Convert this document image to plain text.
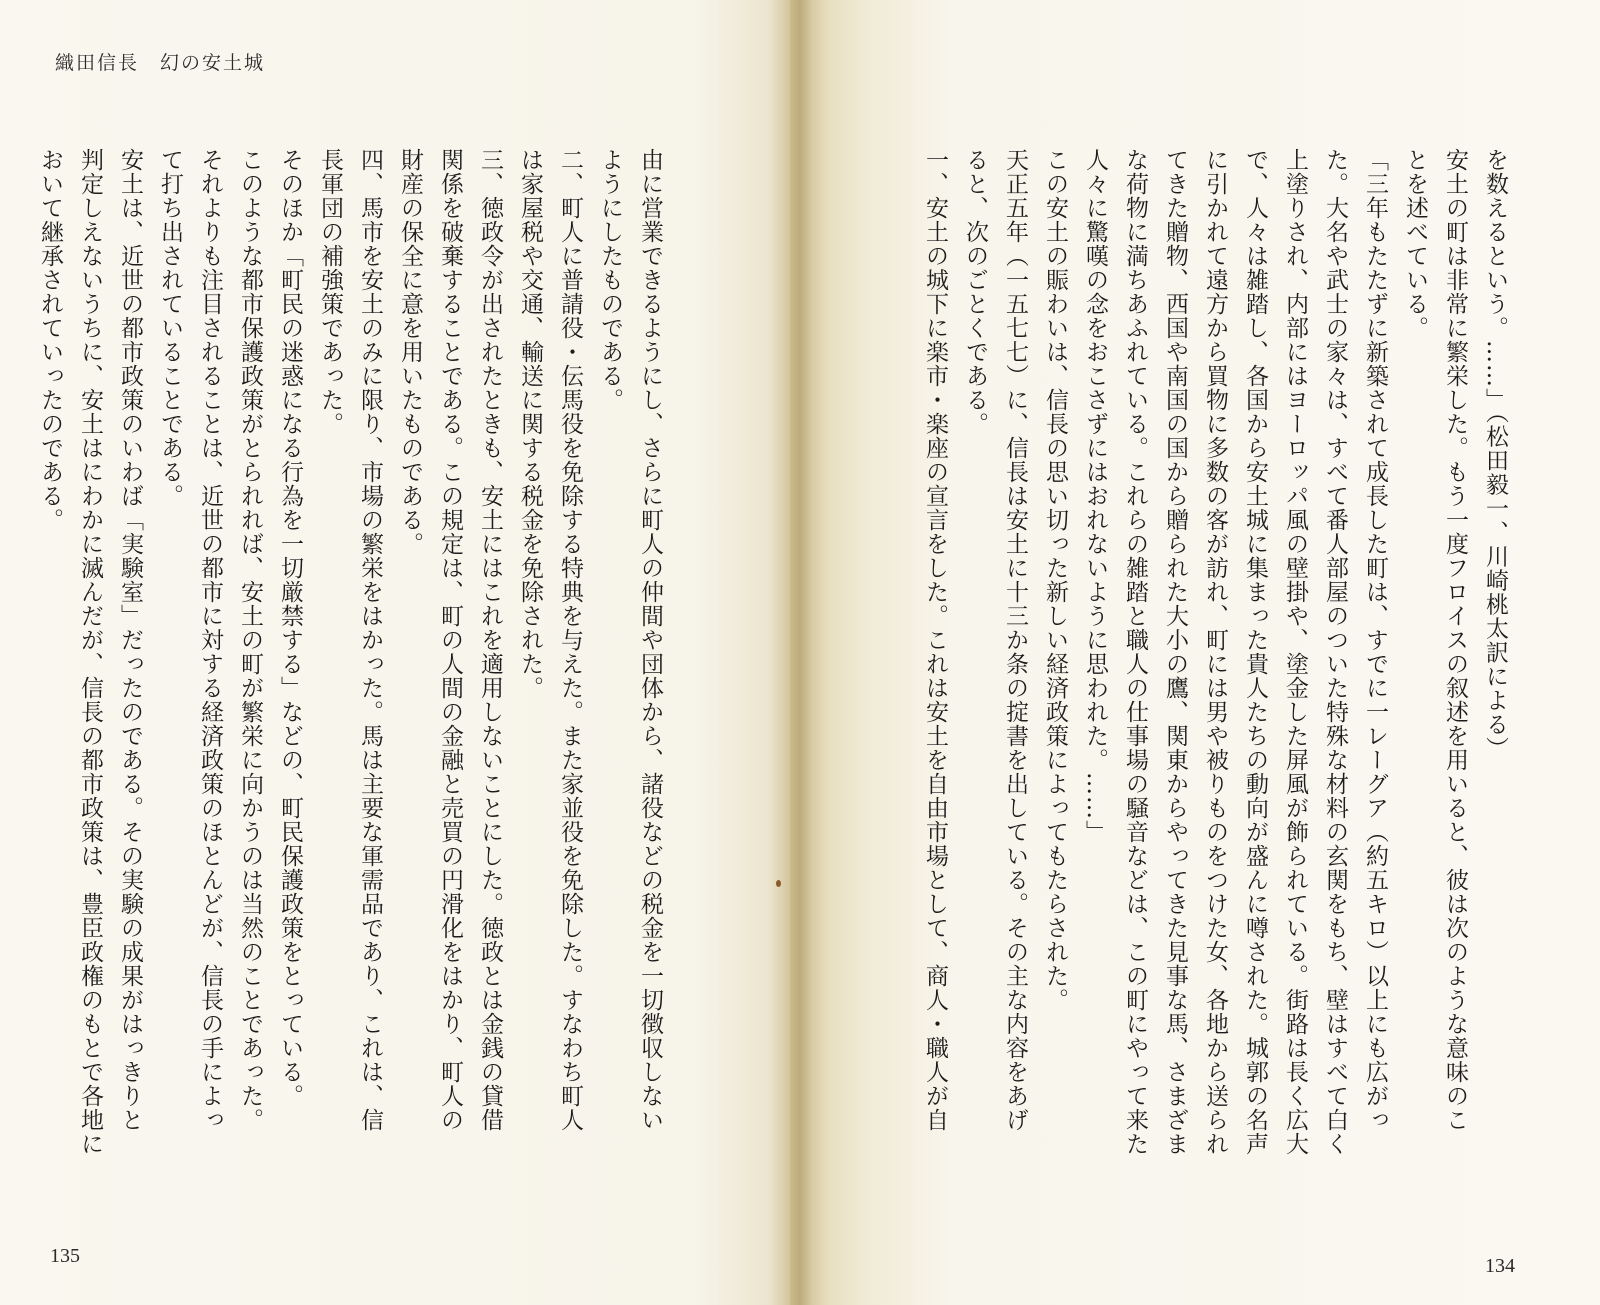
織田信長　幻の安土城
由に営業できるようにし、さらに町人の仲間や団体から、諸役などの税金を一切徴収しない
ようにしたものである。
二、町人に普請役・伝馬役を免除する特典を与えた。また家並役を免除した。すなわち町人
は家屋税や交通、輸送に関する税金を免除された。
三、徳政令が出されたときも、安土にはこれを適用しないことにした。徳政とは金銭の貸借
関係を破棄することである。この規定は、町の人間の金融と売買の円滑化をはかり、町人の
財産の保全に意を用いたものである。
四、馬市を安土のみに限り、市場の繁栄をはかった。馬は主要な軍需品であり、これは、信
長軍団の補強策であった。
そのほか「町民の迷惑になる行為を一切厳禁する」などの、町民保護政策をとっている。
このような都市保護政策がとられれば、安土の町が繁栄に向かうのは当然のことであった。
それよりも注目されることは、近世の都市に対する経済政策のほとんどが、信長の手によっ
て打ち出されていることである。
安土は、近世の都市政策のいわば「実験室」だったのである。その実験の成果がはっきりと
判定しえないうちに、安土はにわかに滅んだが、信長の都市政策は、豊臣政権のもとで各地に
おいて継承されていったのである。
135	134
を数えるという。……」（松田毅一、川崎桃太訳による）
安土の町は非常に繁栄した。もう一度フロイスの叙述を用いると、彼は次のような意味のこ
とを述べている。
「三年もたたずに新築されて成長した町は、すでに一レーグア（約五キロ）以上にも広がっ
た。大名や武士の家々は、すべて番人部屋のついた特殊な材料の玄関をもち、壁はすべて白く
上塗りされ、内部にはヨーロッパ風の壁掛や、塗金した屏風が飾られている。街路は長く広大
で、人々は雑踏し、各国から安土城に集まった貴人たちの動向が盛んに噂された。城郭の名声
に引かれて遠方から買物に多数の客が訪れ、町には男や被りものをつけた女、各地から送られ
てきた贈物、西国や南国の国から贈られた大小の鷹、関東からやってきた見事な馬、さまざま
な荷物に満ちあふれている。これらの雑踏と職人の仕事場の騒音などは、この町にやって来た
人々に驚嘆の念をおこさずにはおれないように思われた。……」
この安土の賑わいは、信長の思い切った新しい経済政策によってもたらされた。
天正五年（一五七七）に、信長は安土に十三か条の掟書を出している。その主な内容をあげ
ると、次のごとくである。
一、安土の城下に楽市・楽座の宣言をした。これは安土を自由市場として、商人・職人が自
